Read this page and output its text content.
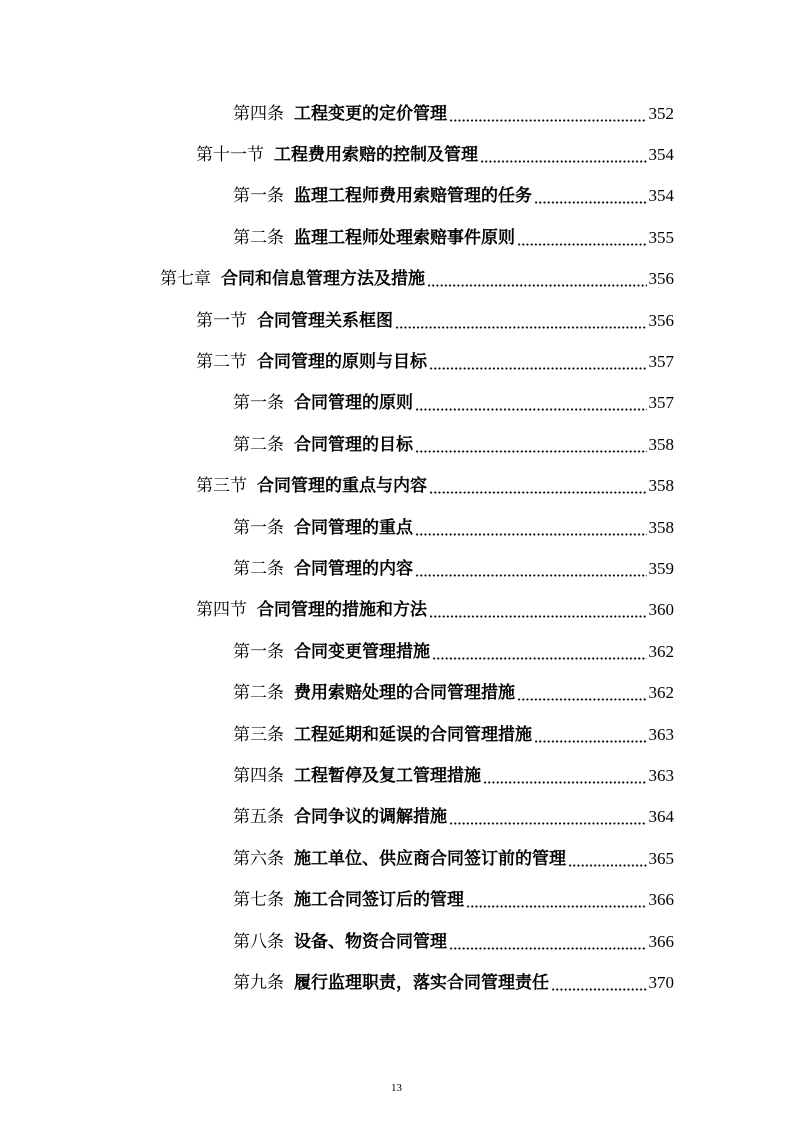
第四条 工程变更的定价管理	352
第十一节 工程费用索赔的控制及管理	354
第一条 监理工程师费用索赔管理的任务	354
第二条 监理工程师处理索赔事件原则	355
第七章 合同和信息管理方法及措施	356
第一节 合同管理关系框图	356
第二节 合同管理的原则与目标	357
第一条 合同管理的原则	357
第二条 合同管理的目标	358
第三节 合同管理的重点与内容	358
第一条 合同管理的重点	358
第二条 合同管理的内容	359
第四节 合同管理的措施和方法	360
第一条 合同变更管理措施	362
第二条 费用索赔处理的合同管理措施	362
第三条 工程延期和延误的合同管理措施	363
第四条 工程暂停及复工管理措施	363
第五条 合同争议的调解措施	364
第六条 施工单位、供应商合同签订前的管理	365
第七条 施工合同签订后的管理	366
第八条 设备、物资合同管理	366
第九条 履行监理职责，落实合同管理责任	370
13
